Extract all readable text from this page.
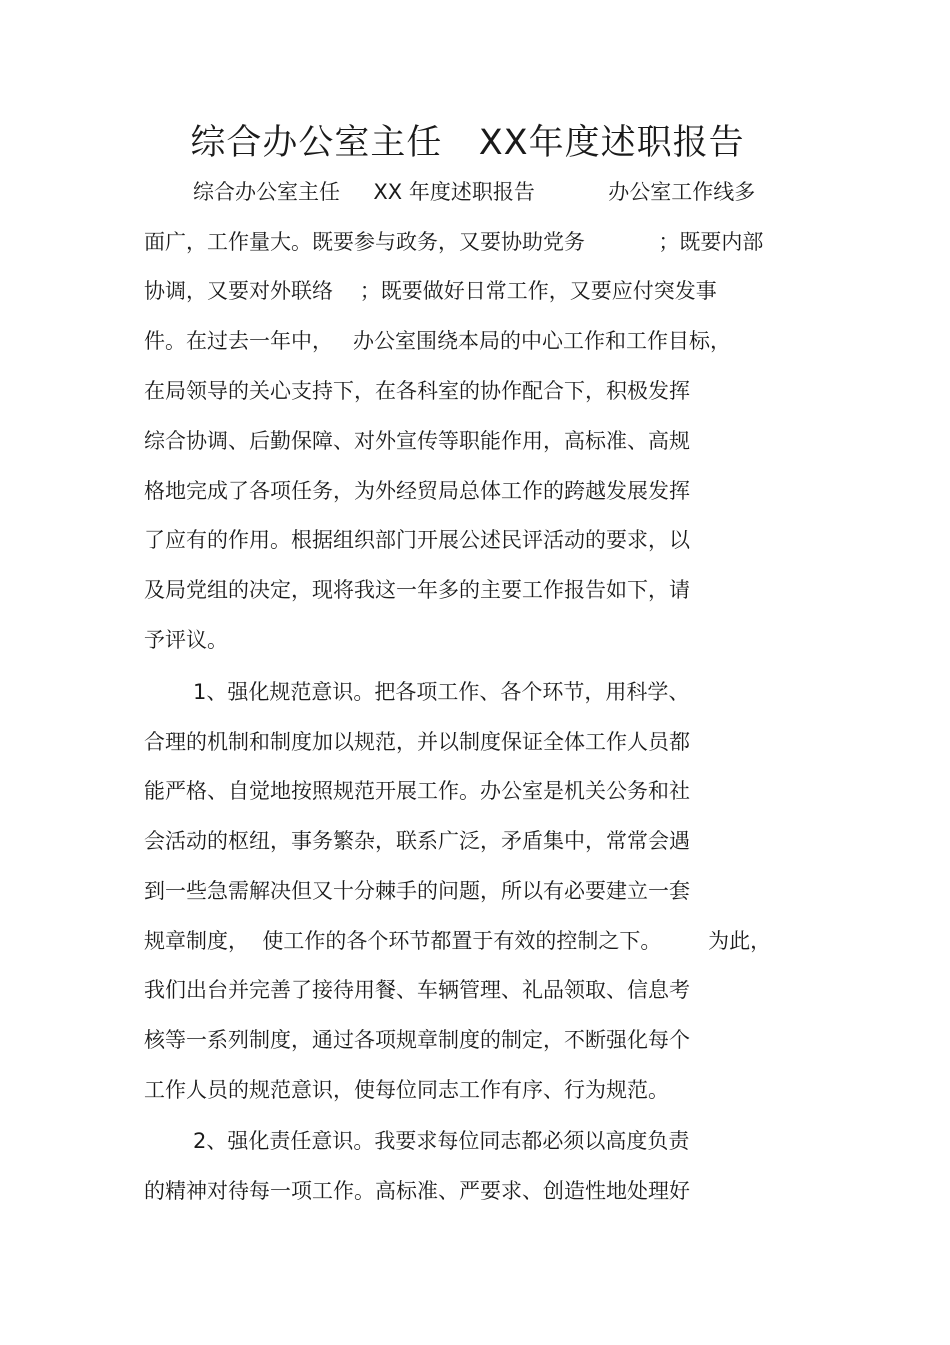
综合办公室主任   XX年度述职报告

综合办公室主任     XX 年度述职报告           办公室工作线多

面广，工作量大。既要参与政务，又要协助党务           ；既要内部

协调，又要对外联络    ；既要做好日常工作，又要应付突发事

件。在过去一年中，   办公室围绕本局的中心工作和工作目标，

在局领导的关心支持下，在各科室的协作配合下，积极发挥

综合协调、后勤保障、对外宣传等职能作用，高标准、高规

格地完成了各项任务，为外经贸局总体工作的跨越发展发挥

了应有的作用。根据组织部门开展公述民评活动的要求，以

及局党组的决定，现将我这一年多的主要工作报告如下，请

予评议。

1、强化规范意识。把各项工作、各个环节，用科学、

合理的机制和制度加以规范，并以制度保证全体工作人员都

能严格、自觉地按照规范开展工作。办公室是机关公务和社

会活动的枢纽，事务繁杂，联系广泛，矛盾集中，常常会遇

到一些急需解决但又十分棘手的问题，所以有必要建立一套

规章制度，  使工作的各个环节都置于有效的控制之下。       为此，

我们出台并完善了接待用餐、车辆管理、礼品领取、信息考

核等一系列制度，通过各项规章制度的制定，不断强化每个

工作人员的规范意识，使每位同志工作有序、行为规范。

2、强化责任意识。我要求每位同志都必须以高度负责

的精神对待每一项工作。高标准、严要求、创造性地处理好
